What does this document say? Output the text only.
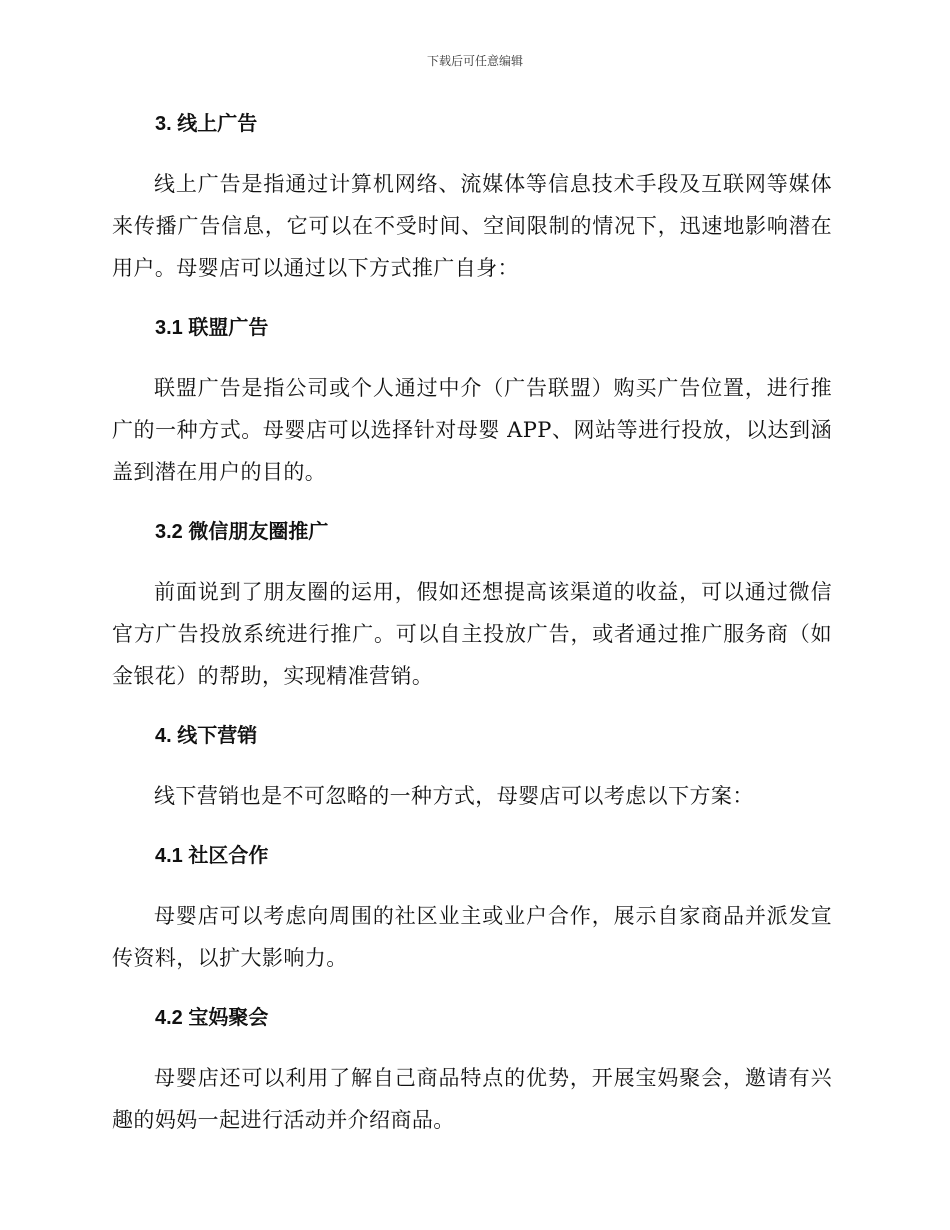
下载后可任意编辑
3. 线上广告
线上广告是指通过计算机网络、流媒体等信息技术手段及互联网等媒体来传播广告信息，它可以在不受时间、空间限制的情况下，迅速地影响潜在用户。母婴店可以通过以下方式推广自身：
3.1 联盟广告
联盟广告是指公司或个人通过中介（广告联盟）购买广告位置，进行推广的一种方式。母婴店可以选择针对母婴 APP、网站等进行投放，以达到涵盖到潜在用户的目的。
3.2 微信朋友圈推广
前面说到了朋友圈的运用，假如还想提高该渠道的收益，可以通过微信官方广告投放系统进行推广。可以自主投放广告，或者通过推广服务商（如金银花）的帮助，实现精准营销。
4. 线下营销
线下营销也是不可忽略的一种方式，母婴店可以考虑以下方案：
4.1 社区合作
母婴店可以考虑向周围的社区业主或业户合作，展示自家商品并派发宣传资料，以扩大影响力。
4.2 宝妈聚会
母婴店还可以利用了解自己商品特点的优势，开展宝妈聚会，邀请有兴趣的妈妈一起进行活动并介绍商品。
